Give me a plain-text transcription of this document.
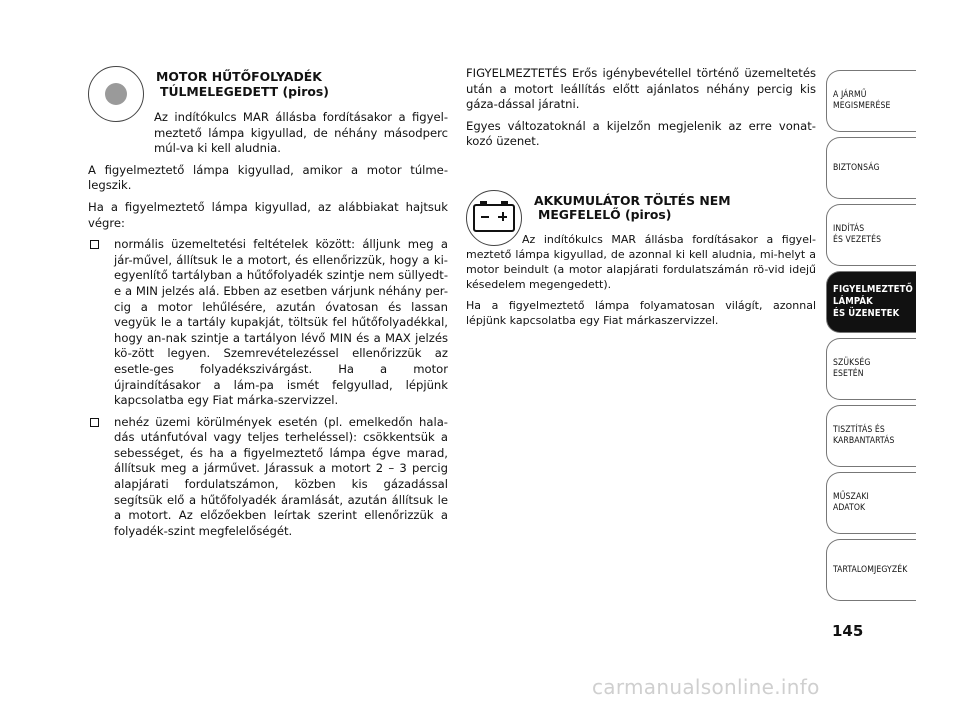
MOTOR HŰTŐFOLYADÉK
TÚLMELEGEDETT (piros)

Az indítókulcs MAR állásba fordításakor a figyel-meztető lámpa kigyullad, de néhány másodperc múl-va ki kell aludnia.

A figyelmeztető lámpa kigyullad, amikor a motor túlme-legszik.

Ha a figyelmeztető lámpa kigyullad, az alábbiakat hajtsuk végre:

normális üzemeltetési feltételek között: álljunk meg a jár-művel, állítsuk le a motort, és ellenőrizzük, hogy a ki-egyenlítő tartályban a hűtőfolyadék szintje nem süllyedt-e a MIN jelzés alá. Ebben az esetben várjunk néhány per-cig a motor lehűlésére, azután óvatosan és lassan vegyük le a tartály kupakját, töltsük fel hűtőfolyadékkal, hogy an-nak szintje a tartályon lévő MIN és a MAX jelzés kö-zött legyen. Szemrevételezéssel ellenőrizzük az esetle-ges folyadékszivárgást. Ha a motor újraindításakor a lám-pa ismét felgyullad, lépjünk kapcsolatba egy Fiat márka-szervizzel.
nehéz üzemi körülmények esetén (pl. emelkedőn hala-dás utánfutóval vagy teljes terheléssel): csökkentsük a sebességet, és ha a figyelmeztető lámpa égve marad, állítsuk meg a járművet. Járassuk a motort 2 – 3 percig alapjárati fordulatszámon, közben kis gázadással segítsük elő a hűtőfolyadék áramlását, azután állítsuk le a motort. Az előzőekben leírtak szerint ellenőrizzük a folyadék-szint megfelelőségét.

FIGYELMEZTETÉS Erős igénybevétellel történő üzemeltetés után a motort leállítás előtt ajánlatos néhány percig kis gáza-dással járatni.

Egyes változatoknál a kijelzőn megjelenik az erre vonat-kozó üzenet.

AKKUMULÁTOR TÖLTÉS NEM
MEGFELELŐ (piros)

Az indítókulcs MAR állásba fordításakor a figyel-meztető lámpa kigyullad, de azonnal ki kell aludnia, mi-helyt a motor beindult (a motor alapjárati fordulatszámán rö-vid idejű késedelem megengedett).

Ha a figyelmeztető lámpa folyamatosan világít, azonnal lépjünk kapcsolatba egy Fiat márkaszervizzel.

A JÁRMŰ
MEGISMERÉSE
BIZTONSÁG
INDÍTÁS
ÉS VEZETÉS
FIGYELMEZTETŐ
LÁMPÁK
ÉS ÜZENETEK
SZÜKSÉG
ESETÉN
TISZTÍTÁS ÉS
KARBANTARTÁS
MŰSZAKI
ADATOK
TARTALOMJEGYZÉK
145
carmanualsonline.info
